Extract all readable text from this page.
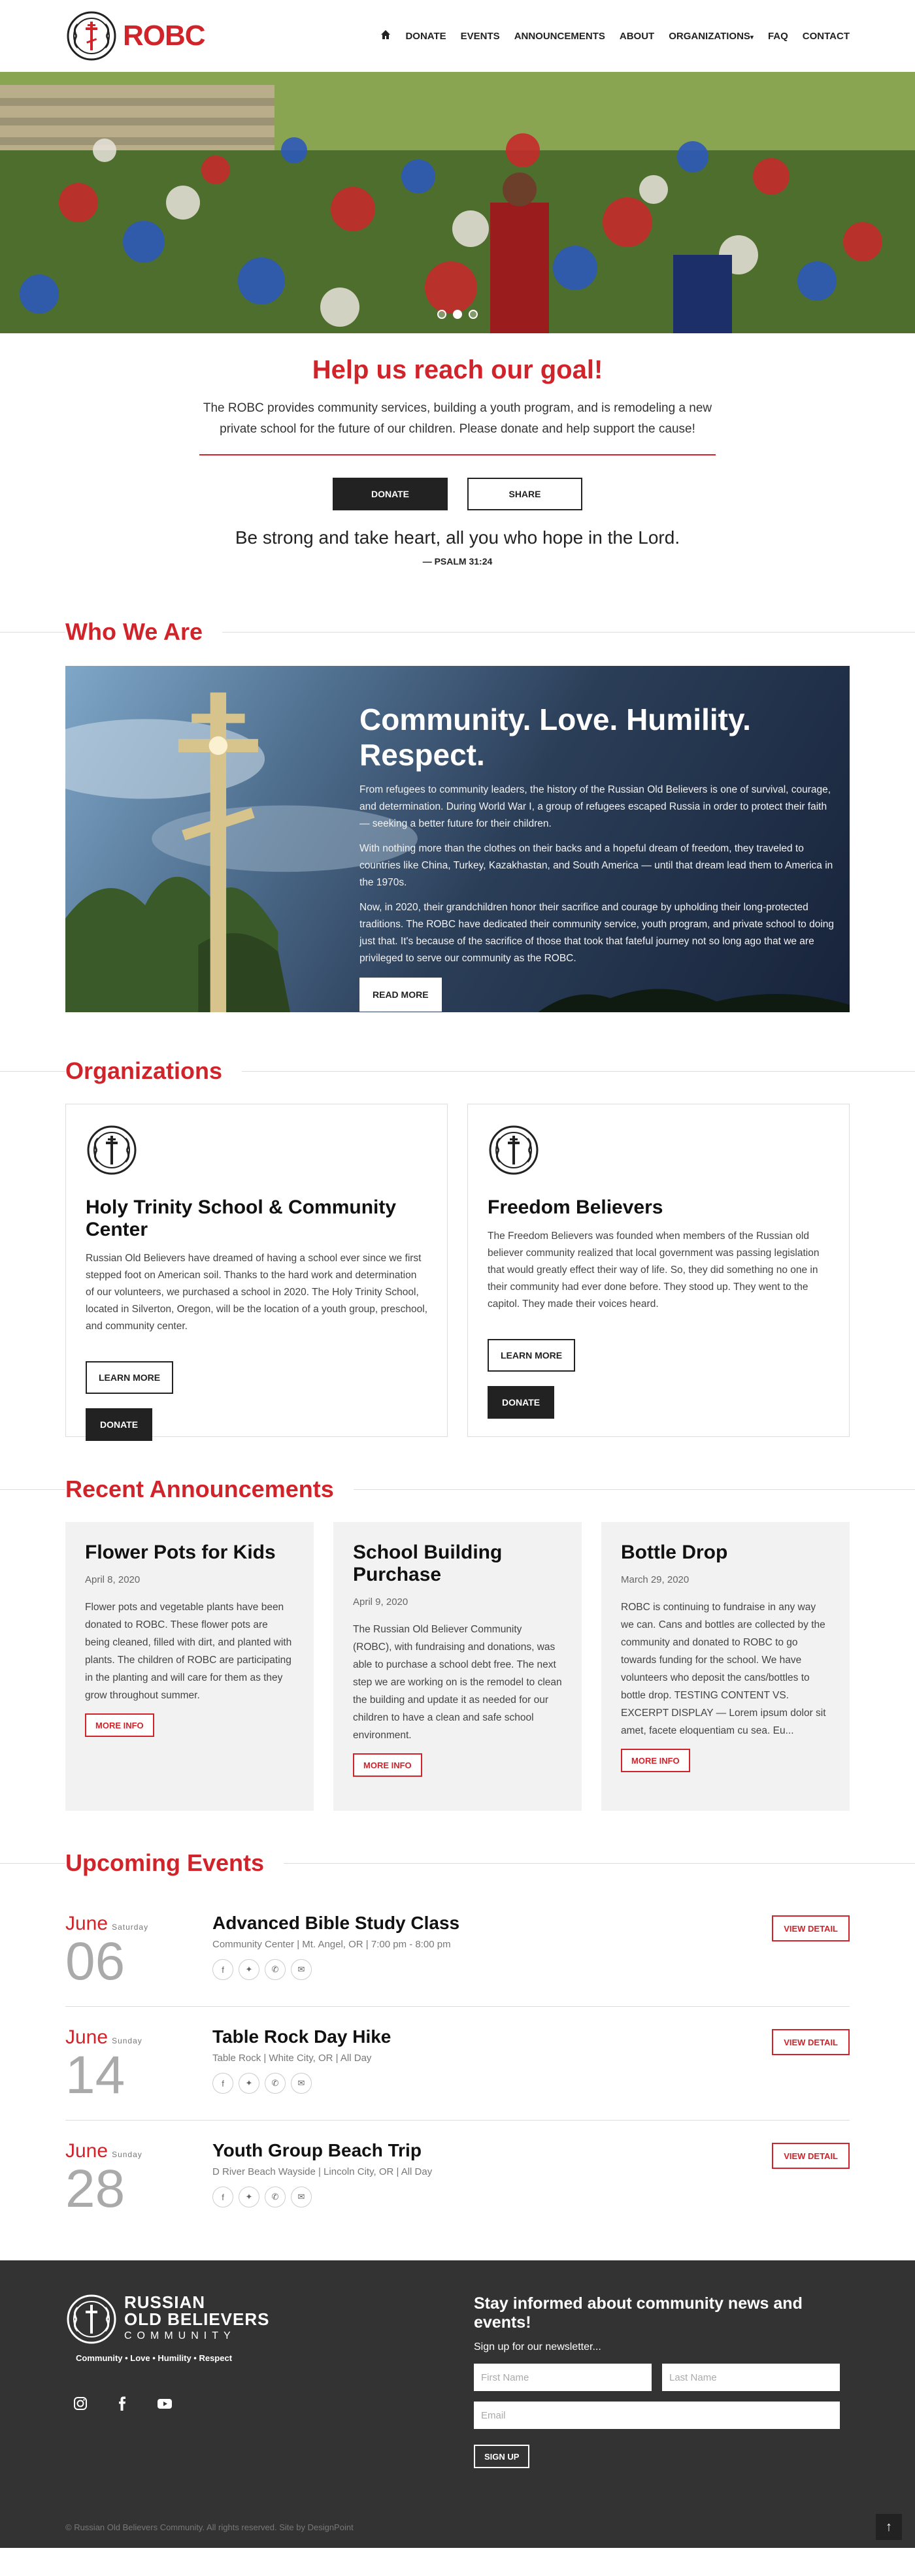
ROBC	DONATE EVENTS ANNOUNCEMENTS ABOUT ORGANIZATIONS▾ FAQ CONTACT
Help us reach our goal!

The ROBC provides community services, building a youth program, and is remodeling a new private school for the future of our children. Please donate and help support the cause!

DONATE	SHARE
Be strong and take heart, all you who hope in the Lord.
— PSALM 31:24
Who We Are
Community. Love. Humility. Respect.

From refugees to community leaders, the history of the Russian Old Believers is one of survival, courage, and determination. During World War I, a group of refugees escaped Russia in order to protect their faith — seeking a better future for their children.

With nothing more than the clothes on their backs and a hopeful dream of freedom, they traveled to countries like China, Turkey, Kazakhastan, and South America — until that dream lead them to America in the 1970s.

Now, in 2020, their grandchildren honor their sacrifice and courage by upholding their long-protected traditions. The ROBC have dedicated their community service, youth program, and private school to doing just that. It's because of the sacrifice of those that took that fateful journey not so long ago that we are privileged to serve our community as the ROBC.

READ MORE
Organizations
Holy Trinity School & Community Center

Russian Old Believers have dreamed of having a school ever since we first stepped foot on American soil. Thanks to the hard work and determination of our volunteers, we purchased a school in 2020. The Holy Trinity School, located in Silverton, Oregon, will be the location of a youth group, preschool, and community center.

LEARN MORE
DONATE
Freedom Believers

The Freedom Believers was founded when members of the Russian old believer community realized that local government was passing legislation that would greatly effect their way of life. So, they did something no one in their community had ever done before. They stood up. They went to the capitol. They made their voices heard.

LEARN MORE
DONATE
Recent Announcements
Flower Pots for Kids
April 8, 2020

Flower pots and vegetable plants have been donated to ROBC. These flower pots are being cleaned, filled with dirt, and planted with plants. The children of ROBC are participating in the planting and will care for them as they grow throughout summer.

MORE INFO
School Building Purchase
April 9, 2020

The Russian Old Believer Community (ROBC), with fundraising and donations, was able to purchase a school debt free. The next step we are working on is the remodel to clean the building and update it as needed for our children to have a clean and safe school environment.

MORE INFO
Bottle Drop
March 29, 2020

ROBC is continuing to fundraise in any way we can. Cans and bottles are collected by the community and donated to ROBC to go towards funding for the school. We have volunteers who deposit the cans/bottles to bottle drop. TESTING CONTENT VS. EXCERPT DISPLAY — Lorem ipsum dolor sit amet, facete eloquentiam cu sea. Eu...

MORE INFO
Upcoming Events
June Saturday
06
Advanced Bible Study Class
Community Center | Mt. Angel, OR | 7:00 pm - 8:00 pm
f	✦	✆	✉
VIEW DETAIL
June Sunday
14
Table Rock Day Hike
Table Rock | White City, OR | All Day
f	✦	✆	✉
VIEW DETAIL
June Sunday
28
Youth Group Beach Trip
D River Beach Wayside | Lincoln City, OR | All Day
f	✦	✆	✉
VIEW DETAIL
RUSSIAN
OLD BELIEVERS
COMMUNITY
Community • Love • Humility • Respect
Stay informed about community news and events!
Sign up for our newsletter...
First Name
Last Name
Email
SIGN UP
© Russian Old Believers Community. All rights reserved. Site by DesignPoint	↑
